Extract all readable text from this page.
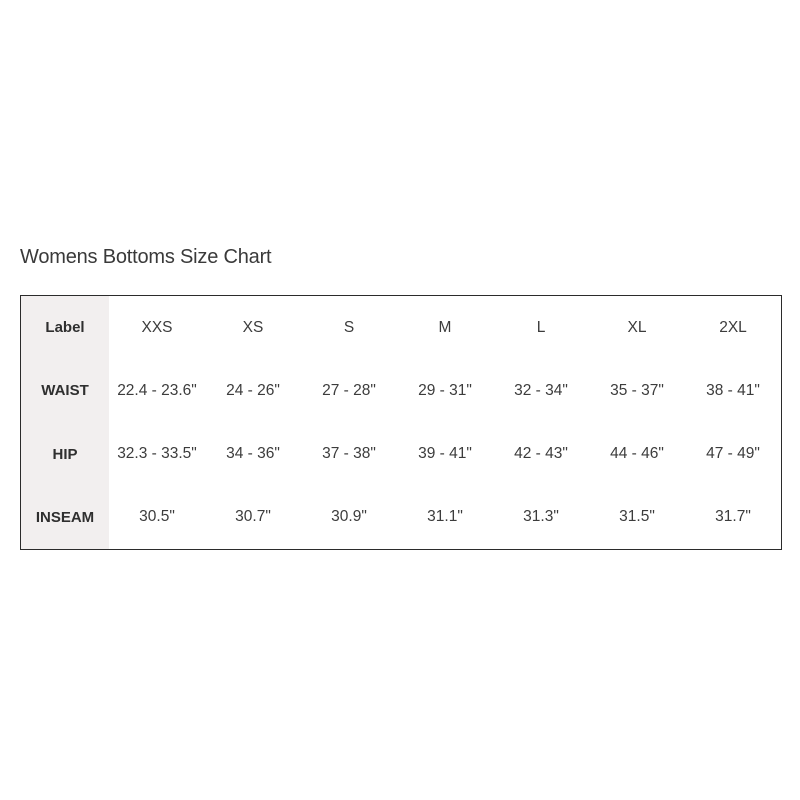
Womens Bottoms Size Chart
Label	XXS	XS	S	M	L	XL	2XL
WAIST	22.4 - 23.6"	24 - 26"	27 - 28"	29 - 31"	32 - 34"	35 - 37"	38 - 41"
HIP	32.3 - 33.5"	34 - 36"	37 - 38"	39 - 41"	42 - 43"	44 - 46"	47 - 49"
INSEAM	30.5"	30.7"	30.9"	31.1"	31.3"	31.5"	31.7"
